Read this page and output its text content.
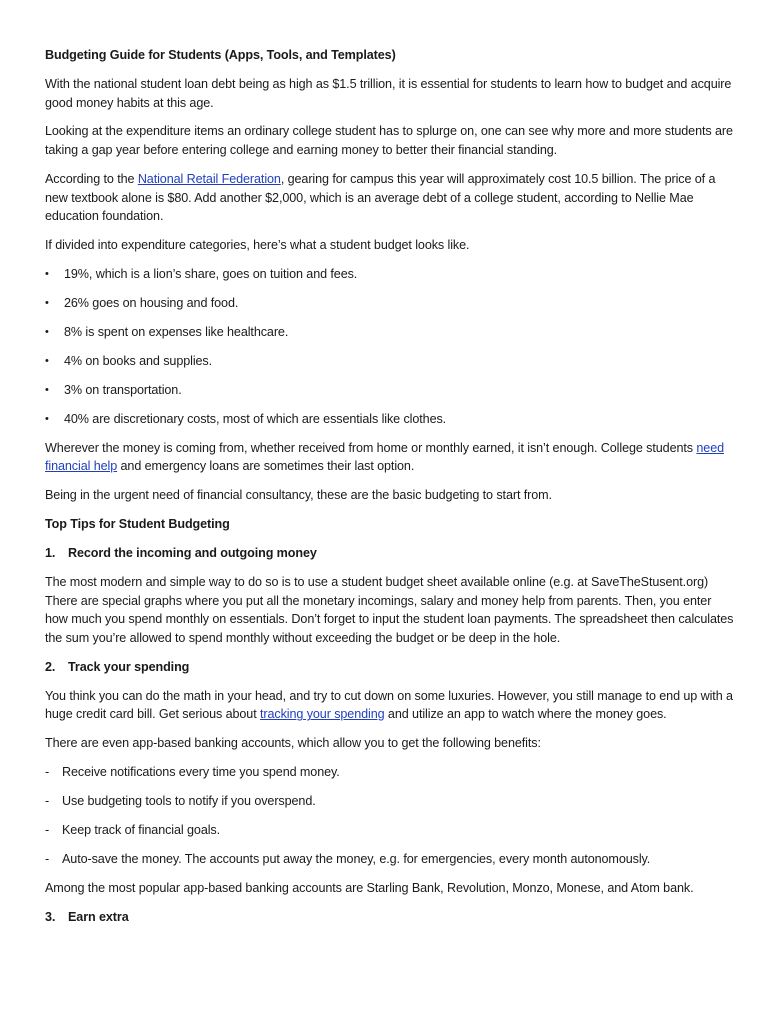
Budgeting Guide for Students (Apps, Tools, and Templates)

With the national student loan debt being as high as $1.5 trillion, it is essential for students to learn how to budget and acquire good money habits at this age.

Looking at the expenditure items an ordinary college student has to splurge on, one can see why more and more students are taking a gap year before entering college and earning money to better their financial standing.

According to the National Retail Federation, gearing for campus this year will approximately cost 10.5 billion. The price of a new textbook alone is $80. Add another $2,000, which is an average debt of a college student, according to Nellie Mae education foundation.

If divided into expenditure categories, here’s what a student budget looks like.

•	19%, which is a lion’s share, goes on tuition and fees.
•	26% goes on housing and food.
•	8% is spent on expenses like healthcare.
•	4% on books and supplies.
•	3% on transportation.
•	40% are discretionary costs, most of which are essentials like clothes.

Wherever the money is coming from, whether received from home or monthly earned, it isn’t enough. College students need financial help and emergency loans are sometimes their last option.

Being in the urgent need of financial consultancy, these are the basic budgeting to start from.

Top Tips for Student Budgeting
1.	Record the incoming and outgoing money

The most modern and simple way to do so is to use a student budget sheet available online (e.g. at SaveTheStusent.org) There are special graphs where you put all the monetary incomings, salary and money help from parents. Then, you enter how much you spend monthly on essentials. Don’t forget to input the student loan payments. The spreadsheet then calculates the sum you’re allowed to spend monthly without exceeding the budget or be deep in the hole.

2.	Track your spending

You think you can do the math in your head, and try to cut down on some luxuries. However, you still manage to end up with a huge credit card bill. Get serious about tracking your spending and utilize an app to watch where the money goes.

There are even app-based banking accounts, which allow you to get the following benefits:

-	Receive notifications every time you spend money.
-	Use budgeting tools to notify if you overspend.
-	Keep track of financial goals.
-	Auto-save the money. The accounts put away the money, e.g. for emergencies, every month autonomously.

Among the most popular app-based banking accounts are Starling Bank, Revolution, Monzo, Monese, and Atom bank.

3.	Earn extra
